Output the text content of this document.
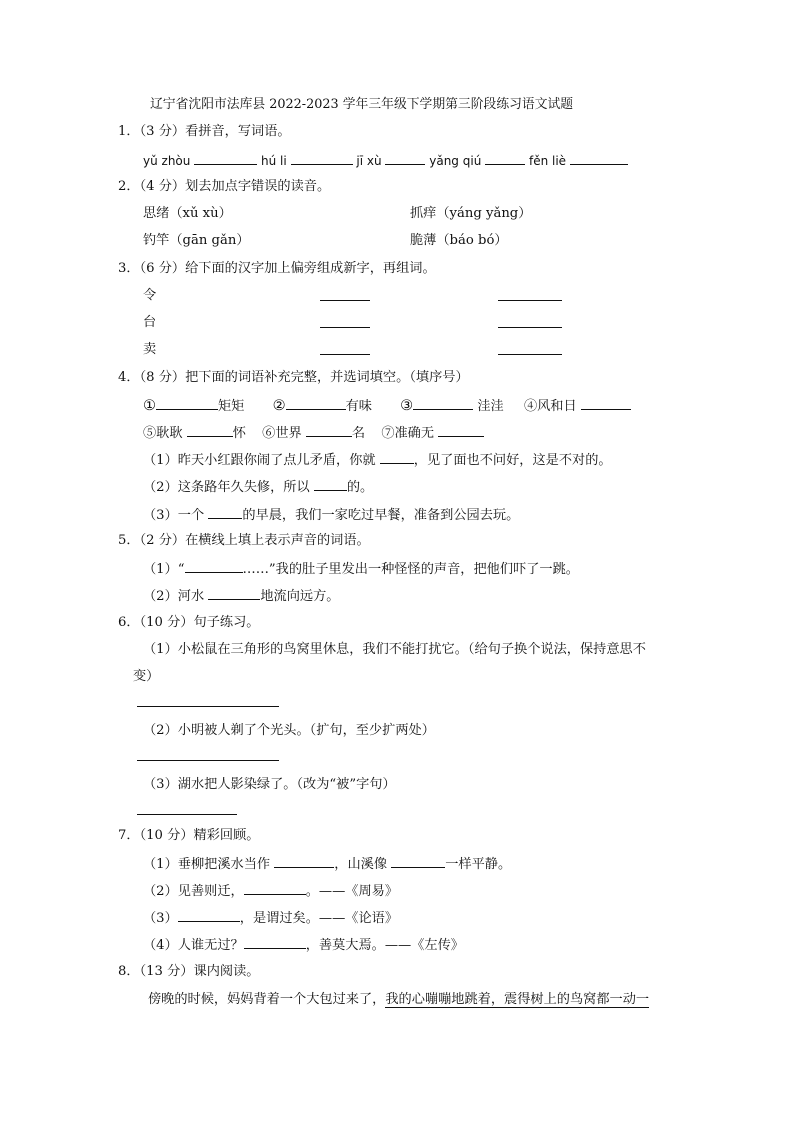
辽宁省沈阳市法库县 2022-2023 学年三年级下学期第三阶段练习语文试题
1．（3 分）看拼音，写词语。
yǔ zhòu	hú li	jī xù	yǎng qiú	fěn liè
2．（4 分）划去加点字错误的读音。
思绪（xǔ xù）	抓痒（yáng yǎng）
钓竿（gān gǎn）	脆薄（báo bó）
3．（6 分）给下面的汉字加上偏旁组成新字，再组词。
令
台
卖
4．（8 分）把下面的词语补充完整，并选词填空。（填序号）
①	矩矩 ②	有味 ③	洼洼 ④风和日
⑤耿耿	怀 ⑥世界	名 ⑦准确无
（1）昨天小红跟你闹了点儿矛盾，你就	，见了面也不问好，这是不对的。
（2）这条路年久失修，所以	的。
（3）一个	的早晨，我们一家吃过早餐，准备到公园去玩。
5．（2 分）在横线上填上表示声音的词语。
（1）“	……”我的肚子里发出一种怪怪的声音，把他们吓了一跳。
（2）河水	地流向远方。
6．（10 分）句子练习。
（1）小松鼠在三角形的鸟窝里休息，我们不能打扰它。（给句子换个说法，保持意思不
变）
（2）小明被人剃了个光头。（扩句，至少扩两处）
（3）湖水把人影染绿了。（改为“被”字句）
7．（10 分）精彩回顾。
（1）垂柳把溪水当作	，山溪像	一样平静。
（2）见善则迁，	。——《周易》
（3）	，是谓过矣。——《论语》
（4）人谁无过？	，善莫大焉。——《左传》
8．（13 分）课内阅读。
傍晚的时候，妈妈背着一个大包过来了，我的心嘣嘣地跳着，震得树上的鸟窝都一动一
